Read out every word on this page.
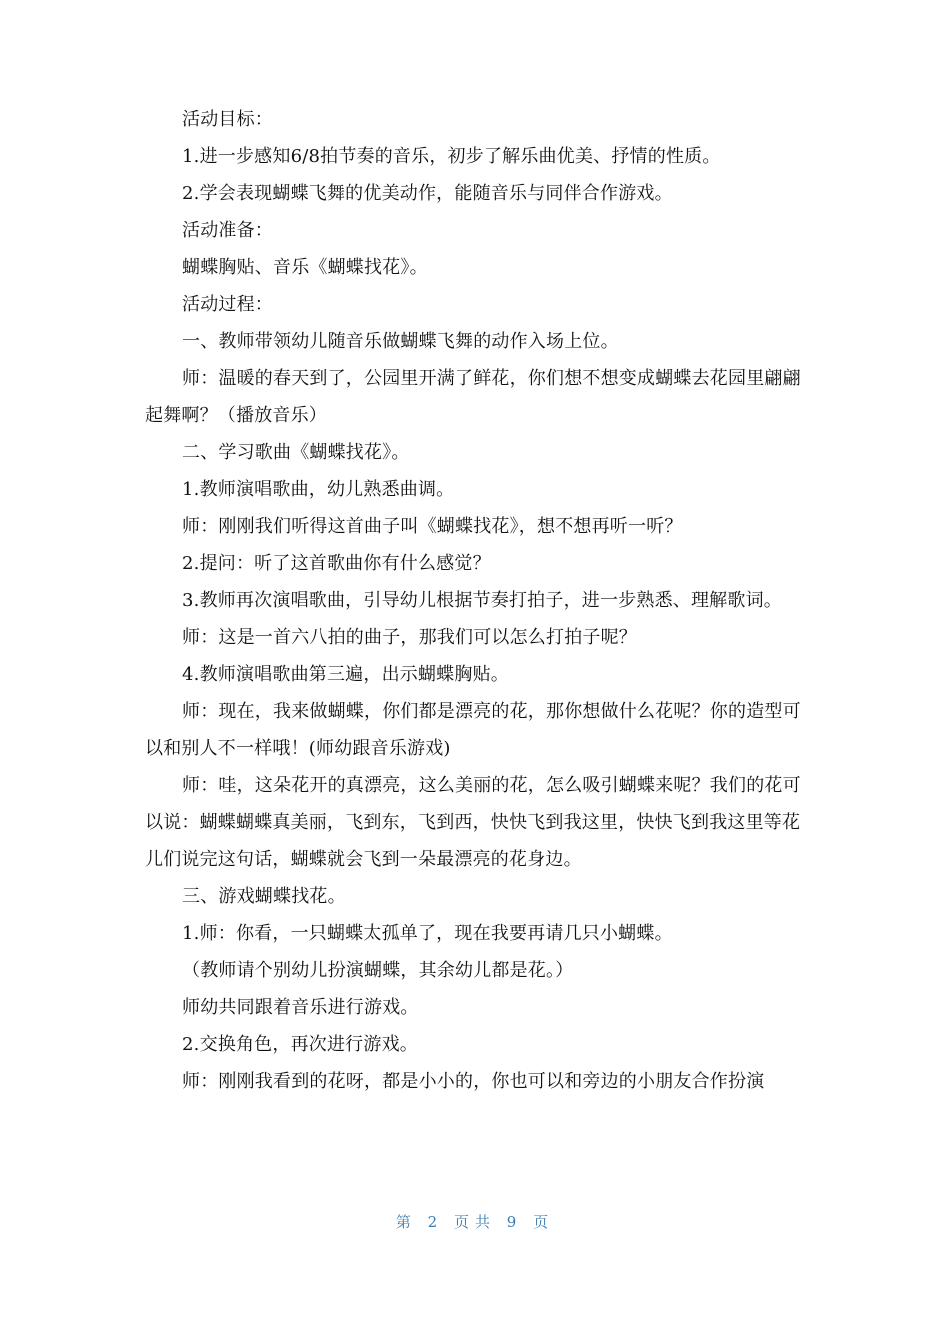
活动目标：

1.进一步感知6/8拍节奏的音乐，初步了解乐曲优美、抒情的性质。

2.学会表现蝴蝶飞舞的优美动作，能随音乐与同伴合作游戏。

活动准备：

蝴蝶胸贴、音乐《蝴蝶找花》。

活动过程：

一、教师带领幼儿随音乐做蝴蝶飞舞的动作入场上位。

师：温暖的春天到了，公园里开满了鲜花，你们想不想变成蝴蝶去花园里翩翩起舞啊？（播放音乐）

二、学习歌曲《蝴蝶找花》。

1.教师演唱歌曲，幼儿熟悉曲调。

师：刚刚我们听得这首曲子叫《蝴蝶找花》，想不想再听一听？

2.提问：听了这首歌曲你有什么感觉？

3.教师再次演唱歌曲，引导幼儿根据节奏打拍子，进一步熟悉、理解歌词。

师：这是一首六八拍的曲子，那我们可以怎么打拍子呢？

4.教师演唱歌曲第三遍，出示蝴蝶胸贴。

师：现在，我来做蝴蝶，你们都是漂亮的花，那你想做什么花呢？你的造型可以和别人不一样哦！(师幼跟音乐游戏)

师：哇，这朵花开的真漂亮，这么美丽的花，怎么吸引蝴蝶来呢？我们的花可以说：蝴蝶蝴蝶真美丽，飞到东，飞到西，快快飞到我这里，快快飞到我这里等花儿们说完这句话，蝴蝶就会飞到一朵最漂亮的花身边。

三、游戏蝴蝶找花。

1.师：你看，一只蝴蝶太孤单了，现在我要再请几只小蝴蝶。

（教师请个别幼儿扮演蝴蝶，其余幼儿都是花。）

师幼共同跟着音乐进行游戏。

2.交换角色，再次进行游戏。

师：刚刚我看到的花呀，都是小小的，你也可以和旁边的小朋友合作扮演

第 2 页共 9 页
